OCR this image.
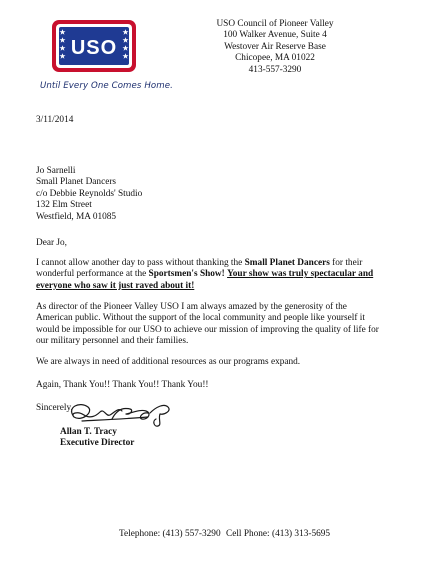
USO
Until Every One Comes Home.
USO Council of Pioneer Valley
100 Walker Avenue, Suite 4
Westover Air Reserve Base
Chicopee, MA 01022
413-557-3290
3/11/2014
Jo Sarnelli
Small Planet Dancers
c/o Debbie Reynolds' Studio
132 Elm Street
Westfield, MA 01085
Dear Jo,

I cannot allow another day to pass without thanking the Small Planet Dancers for their wonderful performance at the Sportsmen's Show! Your show was truly spectacular and everyone who saw it just raved about it!

As director of the Pioneer Valley USO I am always amazed by the generosity of the American public. Without the support of the local community and people like yourself it would be impossible for our USO to achieve our mission of improving the quality of life for our military personnel and their families.

We are always in need of additional resources as our programs expand.

Again, Thank You!! Thank You!! Thank You!!

Sincerely,
Allan T. Tracy
Executive Director
Telephone: (413) 557-3290 Cell Phone: (413) 313-5695
